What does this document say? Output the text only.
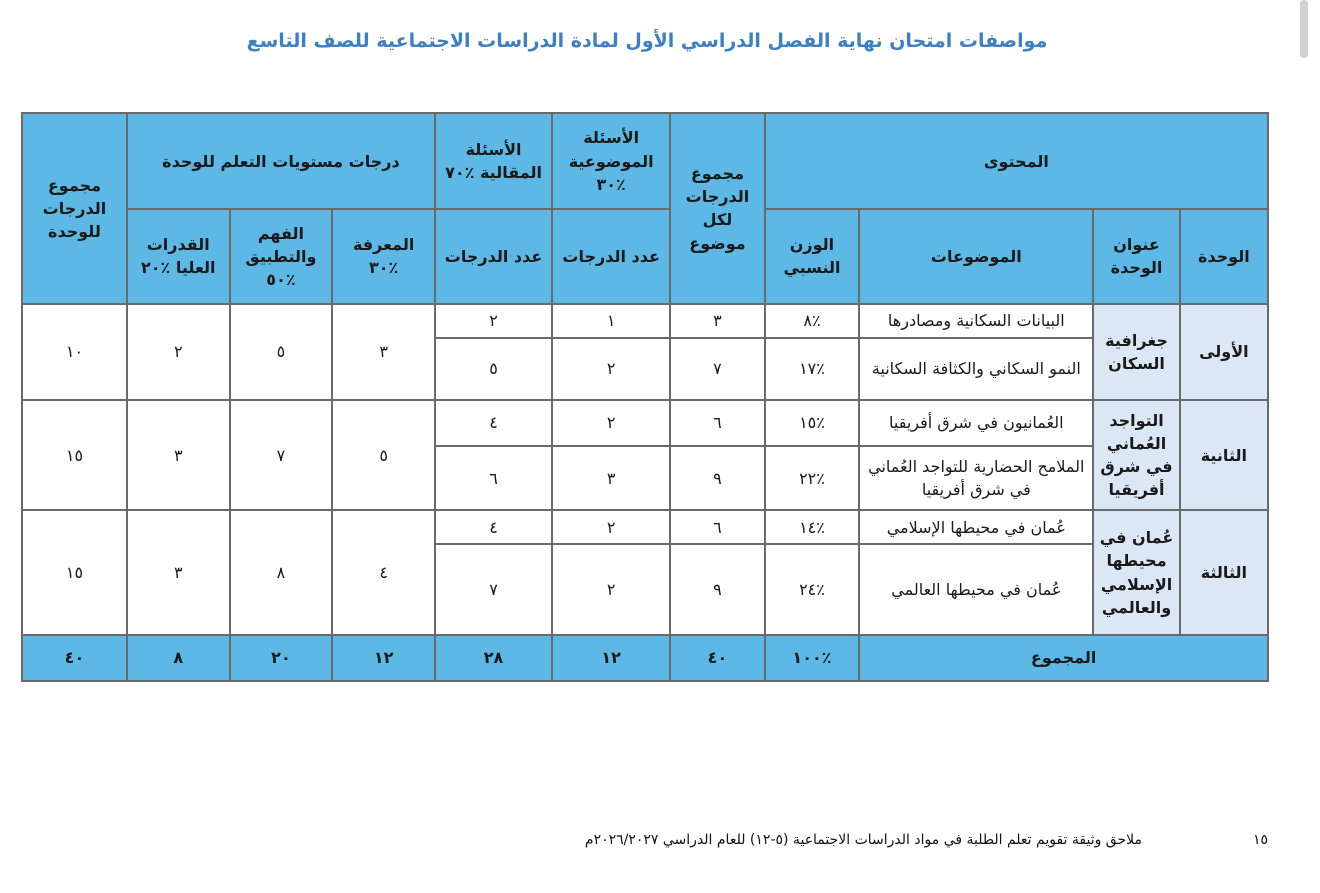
مواصفات امتحان نهاية الفصل الدراسي الأول لمادة الدراسات الاجتماعية للصف التاسع
المحتوى				مجموع الدرجات لكل موضوع	الأسئلة الموضوعية ٪٣٠	الأسئلة المقالية ٪٧٠	درجات مستويات التعلم للوحدة			مجموع الدرجات للوحدة
الوحدة	عنوان الوحدة	الموضوعات	الوزن النسبي		عدد الدرجات	عدد الدرجات	المعرفة ٪٣٠	الفهم والتطبيق ٪٥٠	القدرات العليا ٪٢٠	
الأولى	جغرافية السكان	البيانات السكانية ومصادرها	٪٨	٣	١	٢	٣	٥	٢	١٠
		النمو السكاني والكثافة السكانية	٪١٧	٧	٢	٥				
الثانية	التواجد العُماني في شرق أفريقيا	العُمانيون في شرق أفريقيا	٪١٥	٦	٢	٤	٥	٧	٣	١٥
		الملامح الحضارية للتواجد العُماني في شرق أفريقيا	٪٢٢	٩	٣	٦				
الثالثة	عُمان في محيطها الإسلامي والعالمي	عُمان في محيطها الإسلامي	٪١٤	٦	٢	٤	٤	٨	٣	١٥
		عُمان في محيطها العالمي	٪٢٤	٩	٢	٧				
المجموع			٪١٠٠	٤٠	١٢	٢٨	١٢	٢٠	٨	٤٠
١٥
ملاحق وثيقة تقويم تعلم الطلبة في مواد الدراسات الاجتماعية (٥-١٢) للعام الدراسي ٢٠٢٦/٢٠٢٧م
